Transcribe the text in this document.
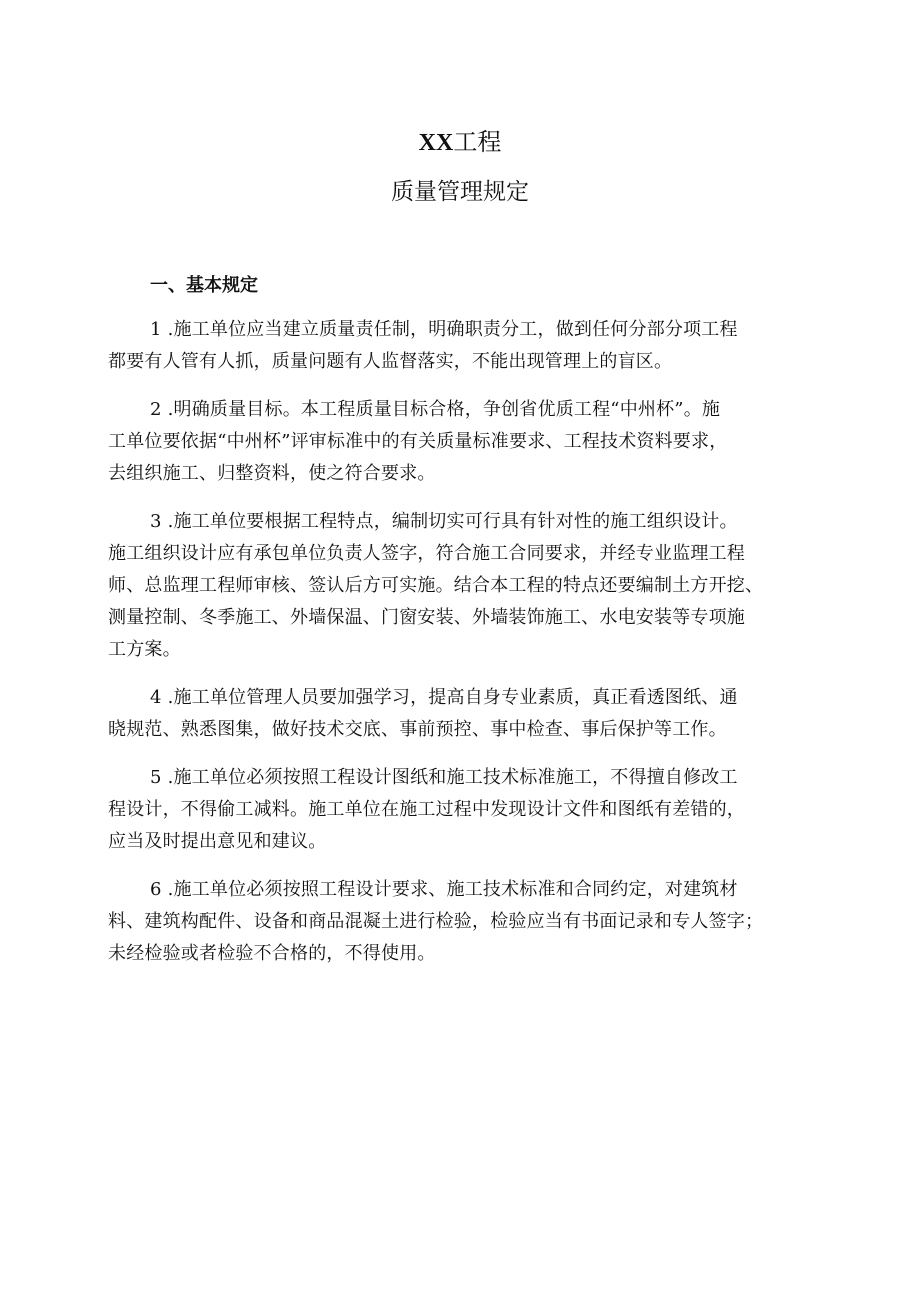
XX工程
质量管理规定
一、基本规定
1 .施工单位应当建立质量责任制，明确职责分工，做到任何分部分项工程
都要有人管有人抓，质量问题有人监督落实，不能出现管理上的盲区。
2 .明确质量目标。本工程质量目标合格，争创省优质工程“中州杯”。施
工单位要依据“中州杯”评审标准中的有关质量标准要求、工程技术资料要求，
去组织施工、归整资料，使之符合要求。
3 .施工单位要根据工程特点，编制切实可行具有针对性的施工组织设计。
施工组织设计应有承包单位负责人签字，符合施工合同要求，并经专业监理工程
师、总监理工程师审核、签认后方可实施。结合本工程的特点还要编制土方开挖、
测量控制、冬季施工、外墙保温、门窗安装、外墙装饰施工、水电安装等专项施
工方案。
4 .施工单位管理人员要加强学习，提高自身专业素质，真正看透图纸、通
晓规范、熟悉图集，做好技术交底、事前预控、事中检查、事后保护等工作。
5 .施工单位必须按照工程设计图纸和施工技术标准施工，不得擅自修改工
程设计，不得偷工减料。施工单位在施工过程中发现设计文件和图纸有差错的，
应当及时提出意见和建议。
6 .施工单位必须按照工程设计要求、施工技术标准和合同约定，对建筑材
料、建筑构配件、设备和商品混凝土进行检验，检验应当有书面记录和专人签字；
未经检验或者检验不合格的，不得使用。
